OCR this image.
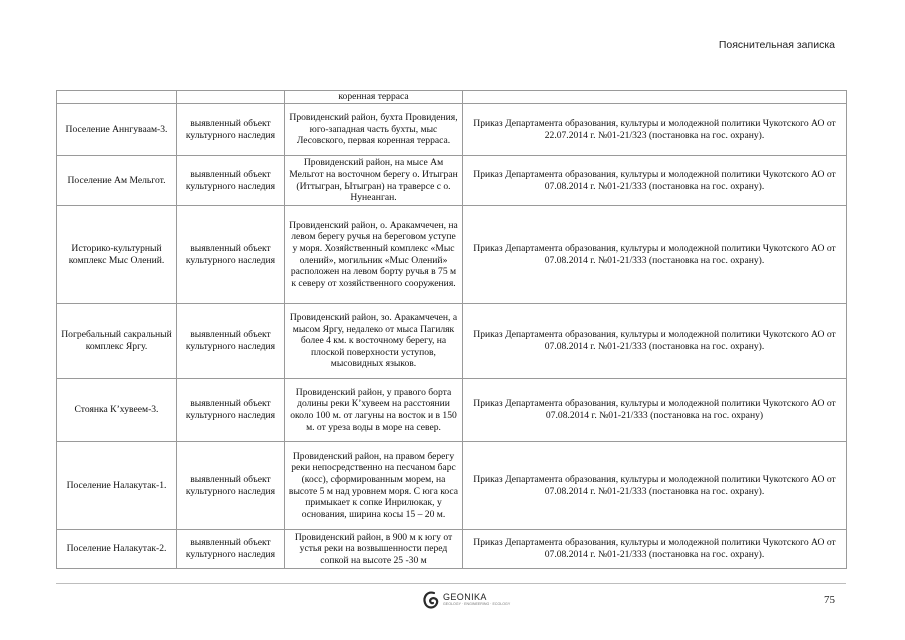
Пояснительная записка
		коренная терраса	
Поселение Аннгуваам-3.	выявленный объект культурного наследия	Провиденский район, бухта Провидения, юго-западная часть бухты, мыс Лесовского, первая коренная терраса.	Приказ Департамента образования, культуры и молодежной политики Чукотского АО от 22.07.2014 г. №01-21/323 (постановка на гос. охрану).
Поселение Ам Мельгот.	выявленный объект культурного наследия	Провиденский район, на мысе Ам Мельгот на восточном берегу о. Итыгран (Иттыгран, Ытыгран) на траверсе с о. Нунеанган.	Приказ Департамента образования, культуры и молодежной политики Чукотского АО от 07.08.2014 г. №01-21/333 (постановка на гос. охрану).
Историко-культурный комплекс Мыс Олений.	выявленный объект культурного наследия	Провиденский район, о. Аракамчечен, на левом берегу ручья на береговом уступе у моря. Хозяйственный комплекс «Мыс олений», могильник «Мыс Олений» расположен на левом борту ручья в 75 м к северу от хозяйственного сооружения.	Приказ Департамента образования, культуры и молодежной политики Чукотского АО от 07.08.2014 г. №01-21/333 (постановка на гос. охрану).
Погребальный сакральный комплекс Яргу.	выявленный объект культурного наследия	Провиденский район, зо. Аракамчечен, а мысом Яргу, недалеко от мыса Пагиляк более 4 км. к восточному берегу, на плоской поверхности уступов, мысовидных языков.	Приказ Департамента образования, культуры и молодежной политики Чукотского АО от 07.08.2014 г. №01-21/333 (постановка на гос. охрану).
Стоянка К’хувеем-3.	выявленный объект культурного наследия	Провиденский район, у правого борта долины реки К’хувеем на расстоянии около 100 м. от лагуны на восток и в 150 м. от уреза воды в море на север.	Приказ Департамента образования, культуры и молодежной политики Чукотского АО от 07.08.2014 г. №01-21/333 (постановка на гос. охрану)
Поселение Налакутак-1.	выявленный объект культурного наследия	Провиденский район, на правом берегу реки непосредственно на песчаном барс (косс), сформированным морем, на высоте 5 м над уровнем моря. С юга коса примыкает к сопке Инрилюкак, у основания, ширина косы 15 – 20 м.	Приказ Департамента образования, культуры и молодежной политики Чукотского АО от 07.08.2014 г. №01-21/333 (постановка на гос. охрану).
Поселение Налакутак-2.	выявленный объект культурного наследия	Провиденский район, в 900 м к югу от устья реки на возвышенности перед сопкой на высоте 25 -30 м	Приказ Департамента образования, культуры и молодежной политики Чукотского АО от 07.08.2014 г. №01-21/333 (постановка на гос. охрану).
GEONIKA
GEOLOGY · ENGINEERING · ECOLOGY	75
